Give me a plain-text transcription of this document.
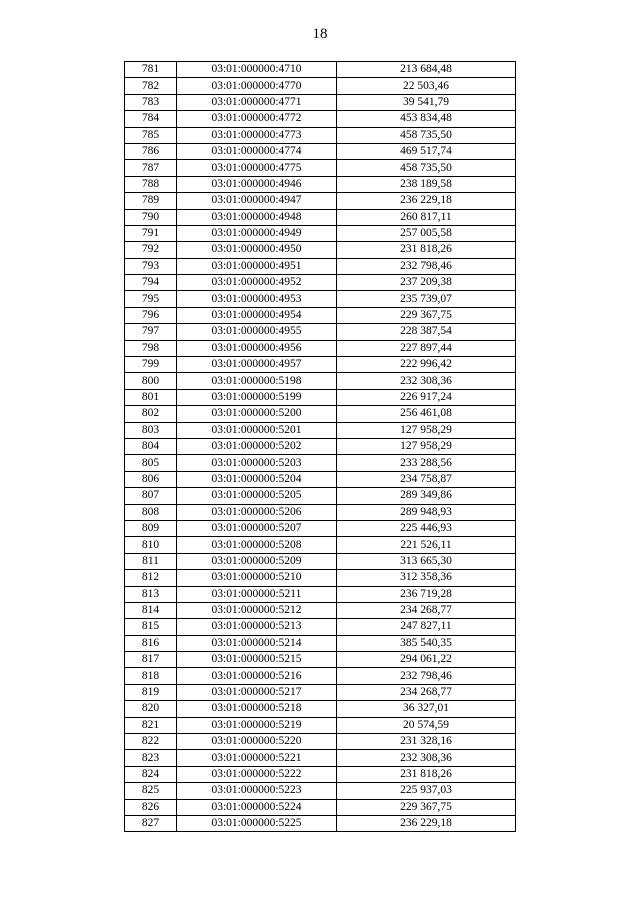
18
781	03:01:000000:4710	213 684,48
782	03:01:000000:4770	22 503,46
783	03:01:000000:4771	39 541,79
784	03:01:000000:4772	453 834,48
785	03:01:000000:4773	458 735,50
786	03:01:000000:4774	469 517,74
787	03:01:000000:4775	458 735,50
788	03:01:000000:4946	238 189,58
789	03:01:000000:4947	236 229,18
790	03:01:000000:4948	260 817,11
791	03:01:000000:4949	257 005,58
792	03:01:000000:4950	231 818,26
793	03:01:000000:4951	232 798,46
794	03:01:000000:4952	237 209,38
795	03:01:000000:4953	235 739,07
796	03:01:000000:4954	229 367,75
797	03:01:000000:4955	228 387,54
798	03:01:000000:4956	227 897,44
799	03:01:000000:4957	222 996,42
800	03:01:000000:5198	232 308,36
801	03:01:000000:5199	226 917,24
802	03:01:000000:5200	256 461,08
803	03:01:000000:5201	127 958,29
804	03:01:000000:5202	127 958,29
805	03:01:000000:5203	233 288,56
806	03:01:000000:5204	234 758,87
807	03:01:000000:5205	289 349,86
808	03:01:000000:5206	289 948,93
809	03:01:000000:5207	225 446,93
810	03:01:000000:5208	221 526,11
811	03:01:000000:5209	313 665,30
812	03:01:000000:5210	312 358,36
813	03:01:000000:5211	236 719,28
814	03:01:000000:5212	234 268,77
815	03:01:000000:5213	247 827,11
816	03:01:000000:5214	385 540,35
817	03:01:000000:5215	294 061,22
818	03:01:000000:5216	232 798,46
819	03:01:000000:5217	234 268,77
820	03:01:000000:5218	36 327,01
821	03:01:000000:5219	20 574,59
822	03:01:000000:5220	231 328,16
823	03:01:000000:5221	232 308,36
824	03:01:000000:5222	231 818,26
825	03:01:000000:5223	225 937,03
826	03:01:000000:5224	229 367,75
827	03:01:000000:5225	236 229,18
